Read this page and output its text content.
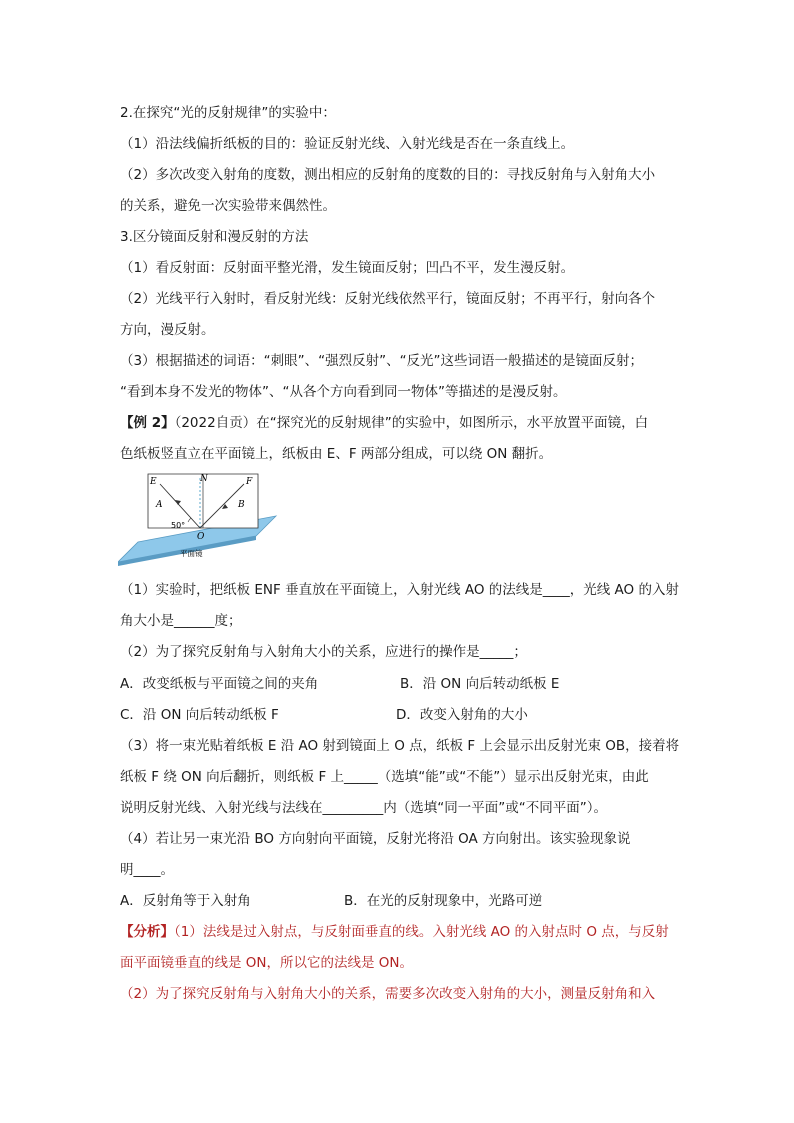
2.在探究“光的反射规律”的实验中：
（1）沿法线偏折纸板的目的：验证反射光线、入射光线是否在一条直线上。
（2）多次改变入射角的度数，测出相应的反射角的度数的目的：寻找反射角与入射角大小
的关系，避免一次实验带来偶然性。
3.区分镜面反射和漫反射的方法
（1）看反射面：反射面平整光滑，发生镜面反射；凹凸不平，发生漫反射。
（2）光线平行入射时，看反射光线：反射光线依然平行，镜面反射；不再平行，射向各个
方向，漫反射。
（3）根据描述的词语：“刺眼”、“强烈反射”、“反光”这些词语一般描述的是镜面反射；
“看到本身不发光的物体”、“从各个方向看到同一物体”等描述的是漫反射。
【例 2】（2022自贡）在“探究光的反射规律”的实验中，如图所示，水平放置平面镜，白
色纸板竖直立在平面镜上，纸板由 E、F 两部分组成，可以绕 ON 翻折。
E	N	F
A	B
O
50°
平面镜
（1）实验时，把纸板 ENF 垂直放在平面镜上，入射光线 AO 的法线是____，光线 AO 的入射
角大小是______度；
（2）为了探究反射角与入射角大小的关系，应进行的操作是_____；
A．改变纸板与平面镜之间的夹角	B．沿 ON 向后转动纸板 E
C．沿 ON 向后转动纸板 F	D．改变入射角的大小
（3）将一束光贴着纸板 E 沿 AO 射到镜面上 O 点，纸板 F 上会显示出反射光束 OB，接着将
纸板 F 绕 ON 向后翻折，则纸板 F 上_____（选填“能”或“不能”）显示出反射光束，由此
说明反射光线、入射光线与法线在_________内（选填“同一平面”或“不同平面”）。
（4）若让另一束光沿 BO 方向射向平面镜，反射光将沿 OA 方向射出。该实验现象说
明____。
A．反射角等于入射角	B．在光的反射现象中，光路可逆
【分析】（1）法线是过入射点，与反射面垂直的线。入射光线 AO 的入射点时 O 点，与反射
面平面镜垂直的线是 ON，所以它的法线是 ON。
（2）为了探究反射角与入射角大小的关系，需要多次改变入射角的大小，测量反射角和入
